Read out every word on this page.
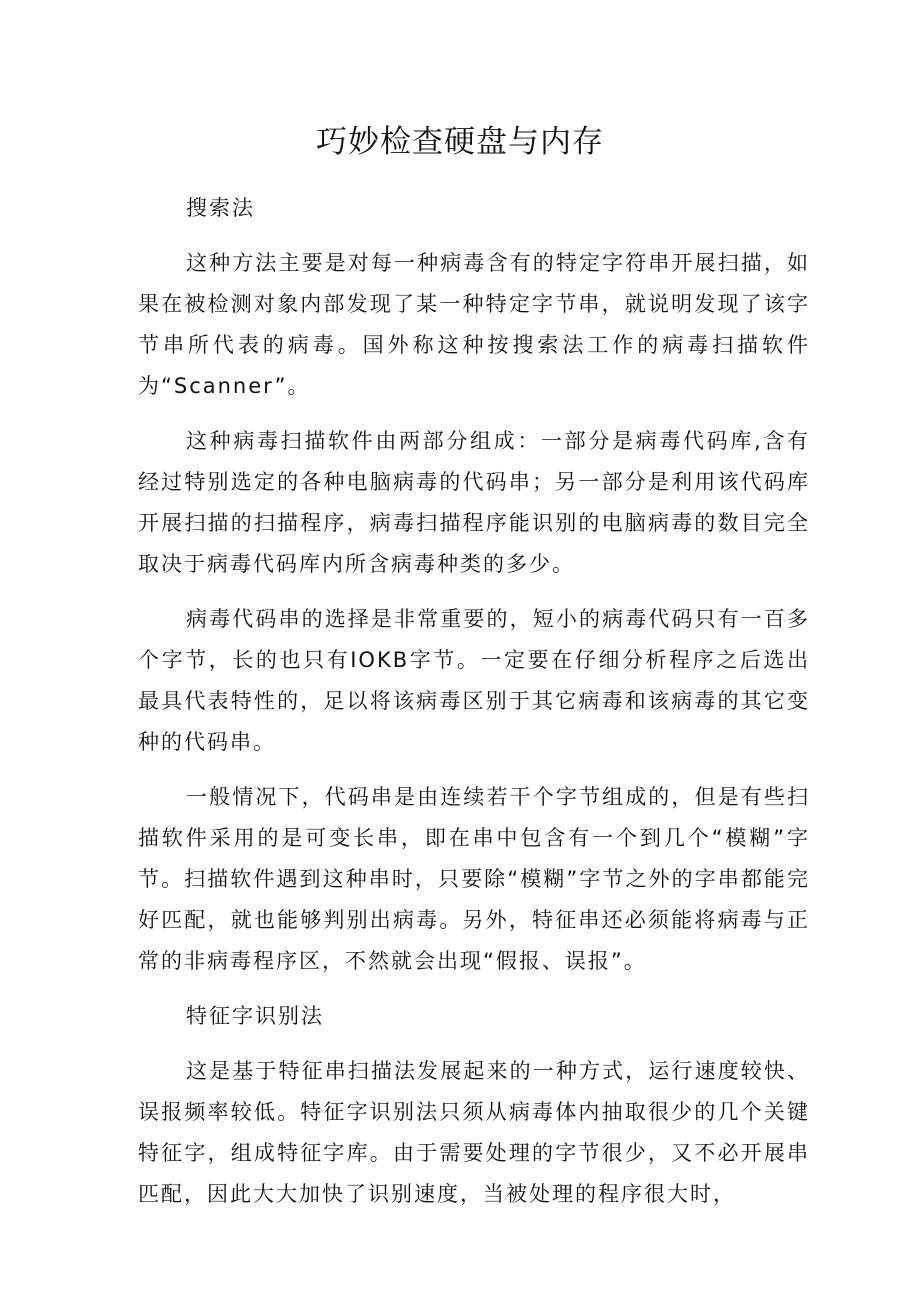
巧妙检查硬盘与内存

搜索法

这种方法主要是对每一种病毒含有的特定字符串开展扫描，如果在被检测对象内部发现了某一种特定字节串，就说明发现了该字节串所代表的病毒。国外称这种按搜索法工作的病毒扫描软件为“Scanner”。

这种病毒扫描软件由两部分组成：一部分是病毒代码库,含有经过特别选定的各种电脑病毒的代码串；另一部分是利用该代码库开展扫描的扫描程序，病毒扫描程序能识别的电脑病毒的数目完全取决于病毒代码库内所含病毒种类的多少。

病毒代码串的选择是非常重要的，短小的病毒代码只有一百多个字节，长的也只有IOKB字节。一定要在仔细分析程序之后选出最具代表特性的，足以将该病毒区别于其它病毒和该病毒的其它变种的代码串。

一般情况下，代码串是由连续若干个字节组成的，但是有些扫描软件采用的是可变长串，即在串中包含有一个到几个“模糊”字节。扫描软件遇到这种串时，只要除“模糊”字节之外的字串都能完好匹配，就也能够判别出病毒。另外，特征串还必须能将病毒与正常的非病毒程序区，不然就会出现“假报、误报”。

特征字识别法

这是基于特征串扫描法发展起来的一种方式，运行速度较快、误报频率较低。特征字识别法只须从病毒体内抽取很少的几个关键特征字，组成特征字库。由于需要处理的字节很少，又不必开展串匹配，因此大大加快了识别速度，当被处理的程序很大时，
